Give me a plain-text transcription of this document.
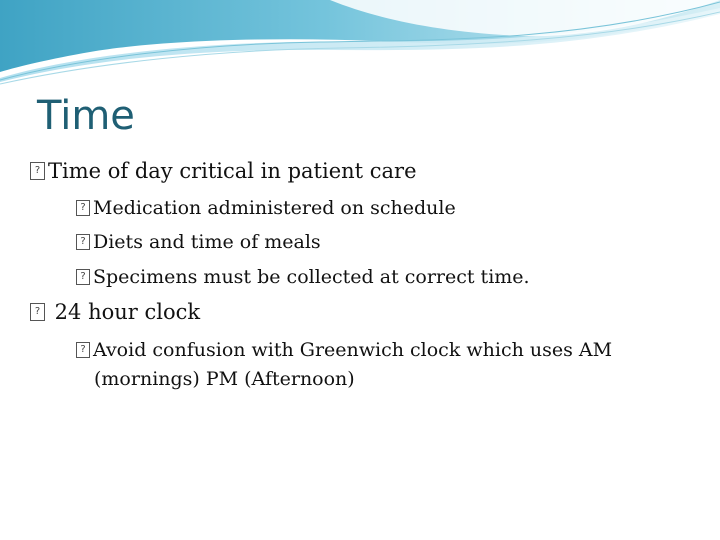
Time

?Time of day critical in patient care

?Medication administered on schedule

?Diets and time of meals

?Specimens must be collected at correct time.

? 24 hour clock

?Avoid confusion with Greenwich clock which uses AM

(mornings) PM (Afternoon)
